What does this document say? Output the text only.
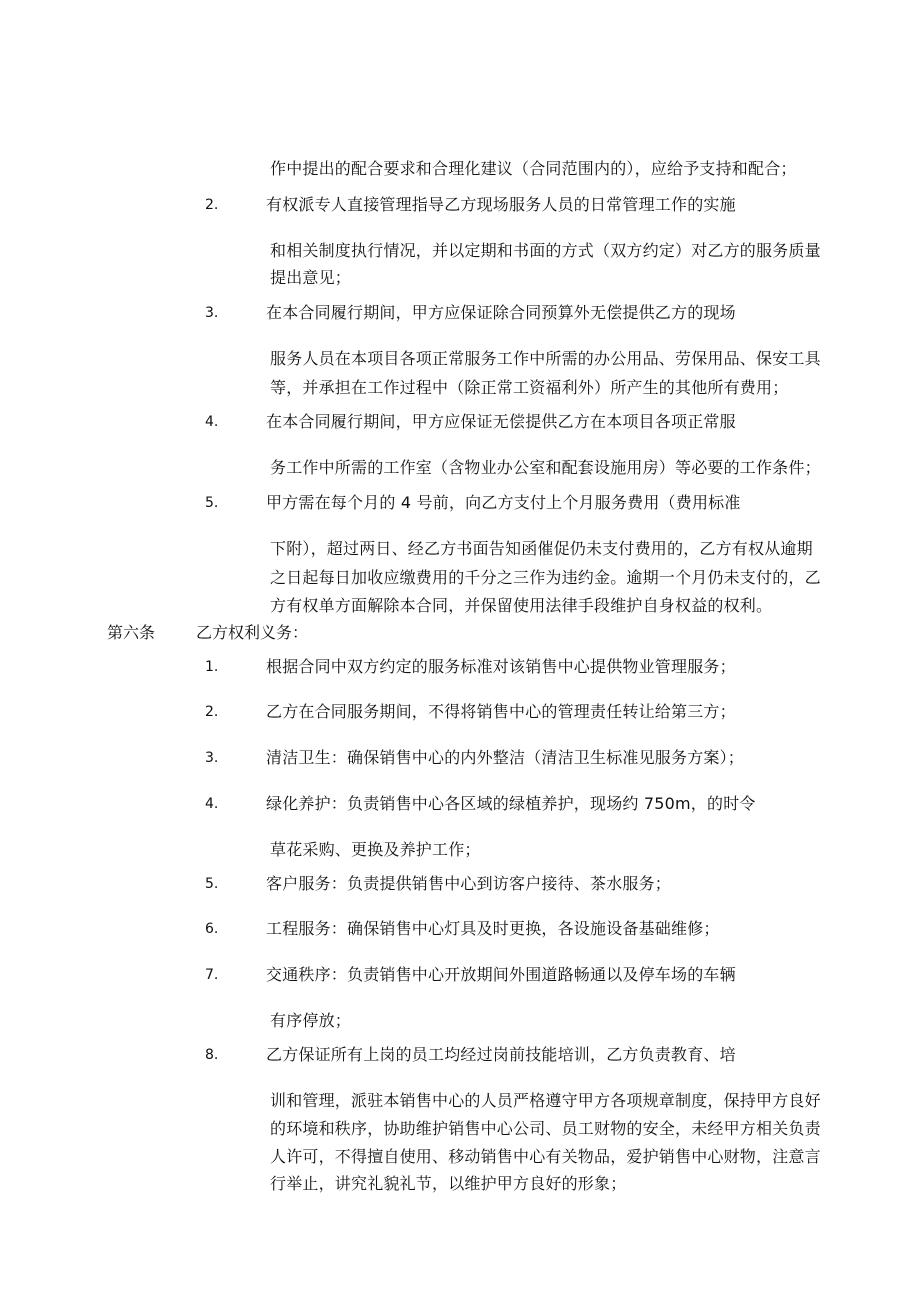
作中提出的配合要求和合理化建议（合同范围内的），应给予支持和配合；
2.	有权派专人直接管理指导乙方现场服务人员的日常管理工作的实施
和相关制度执行情况，并以定期和书面的方式（双方约定）对乙方的服务质量
提出意见；
3.	在本合同履行期间，甲方应保证除合同预算外无偿提供乙方的现场
服务人员在本项目各项正常服务工作中所需的办公用品、劳保用品、保安工具
等，并承担在工作过程中（除正常工资福利外）所产生的其他所有费用；
4.	在本合同履行期间，甲方应保证无偿提供乙方在本项目各项正常服
务工作中所需的工作室（含物业办公室和配套设施用房）等必要的工作条件；
5.	甲方需在每个月的 4 号前，向乙方支付上个月服务费用（费用标准
下附），超过两日、经乙方书面告知函催促仍未支付费用的，乙方有权从逾期
之日起每日加收应缴费用的千分之三作为违约金。逾期一个月仍未支付的，乙
方有权单方面解除本合同，并保留使用法律手段维护自身权益的权利。
第六条	乙方权利义务：
1.	根据合同中双方约定的服务标准对该销售中心提供物业管理服务；
2.	乙方在合同服务期间，不得将销售中心的管理责任转让给第三方；
3.	清洁卫生：确保销售中心的内外整洁（清洁卫生标准见服务方案）；
4.	绿化养护：负责销售中心各区域的绿植养护，现场约 750m，的时令
草花采购、更换及养护工作；
5.	客户服务：负责提供销售中心到访客户接待、茶水服务；
6.	工程服务：确保销售中心灯具及时更换，各设施设备基础维修；
7.	交通秩序：负责销售中心开放期间外围道路畅通以及停车场的车辆
有序停放；
8.	乙方保证所有上岗的员工均经过岗前技能培训，乙方负责教育、培
训和管理，派驻本销售中心的人员严格遵守甲方各项规章制度，保持甲方良好
的环境和秩序，协助维护销售中心公司、员工财物的安全，未经甲方相关负责
人许可，不得擅自使用、移动销售中心有关物品，爱护销售中心财物，注意言
行举止，讲究礼貌礼节，以维护甲方良好的形象；
